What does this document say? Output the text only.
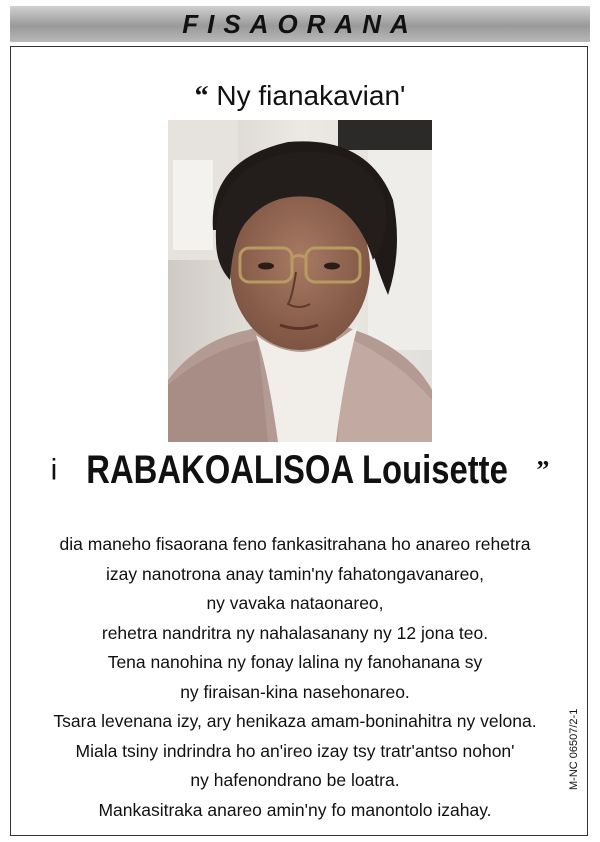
FISAORANA
“ Ny fianakavian'
i RABAKOALISOA Louisette ”
dia maneho fisaorana feno fankasitrahana ho anareo rehetra
izay nanotrona anay tamin'ny fahatongavanareo,
ny vavaka nataonareo,
rehetra nandritra ny nahalasanany ny 12 jona teo.
Tena nanohina ny fonay lalina ny fanohanana sy
ny firaisan-kina nasehonareo.
Tsara levenana izy, ary henikaza amam-boninahitra ny velona.
Miala tsiny indrindra ho an'ireo izay tsy tratr'antso nohon'
ny hafenondrano be loatra.
Mankasitraka anareo amin'ny fo manontolo izahay.
M-NC 06507/2-1
